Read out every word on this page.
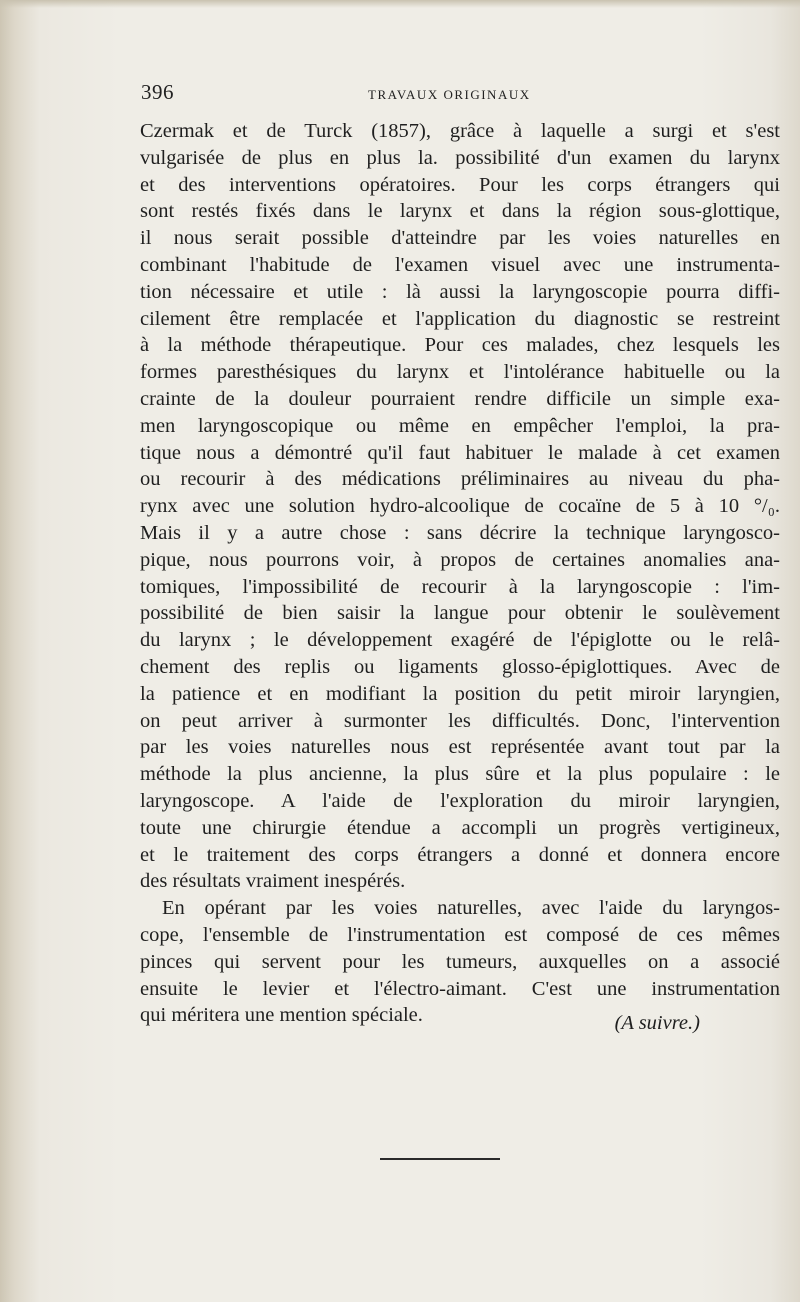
396	TRAVAUX ORIGINAUX
Czermak et de Turck (1857), grâce à laquelle a surgi et s'est
vulgarisée de plus en plus la. possibilité d'un examen du larynx
et des interventions opératoires. Pour les corps étrangers qui
sont restés fixés dans le larynx et dans la région sous-glottique,
il nous serait possible d'atteindre par les voies naturelles en
combinant l'habitude de l'examen visuel avec une instrumenta-
tion nécessaire et utile : là aussi la laryngoscopie pourra diffi-
cilement être remplacée et l'application du diagnostic se restreint
à la méthode thérapeutique. Pour ces malades, chez lesquels les
formes paresthésiques du larynx et l'intolérance habituelle ou la
crainte de la douleur pourraient rendre difficile un simple exa-
men laryngoscopique ou même en empêcher l'emploi, la pra-
tique nous a démontré qu'il faut habituer le malade à cet examen
ou recourir à des médications préliminaires au niveau du pha-
rynx avec une solution hydro-alcoolique de cocaïne de 5 à 10 °/₀.
Mais il y a autre chose : sans décrire la technique laryngosco-
pique, nous pourrons voir, à propos de certaines anomalies ana-
tomiques, l'impossibilité de recourir à la laryngoscopie : l'im-
possibilité de bien saisir la langue pour obtenir le soulèvement
du larynx ; le développement exagéré de l'épiglotte ou le relâ-
chement des replis ou ligaments glosso-épiglottiques. Avec de
la patience et en modifiant la position du petit miroir laryngien,
on peut arriver à surmonter les difficultés. Donc, l'intervention
par les voies naturelles nous est représentée avant tout par la
méthode la plus ancienne, la plus sûre et la plus populaire : le
laryngoscope. A l'aide de l'exploration du miroir laryngien,
toute une chirurgie étendue a accompli un progrès vertigineux,
et le traitement des corps étrangers a donné et donnera encore
des résultats vraiment inespérés.
En opérant par les voies naturelles, avec l'aide du laryngos-
cope, l'ensemble de l'instrumentation est composé de ces mêmes
pinces qui servent pour les tumeurs, auxquelles on a associé
ensuite le levier et l'électro-aimant. C'est une instrumentation
qui méritera une mention spéciale.	(A suivre.)
